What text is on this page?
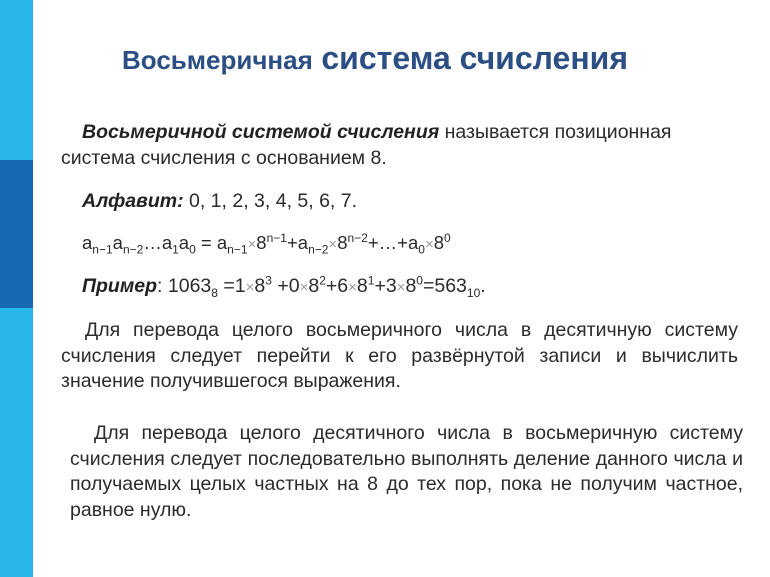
Восьмеричная система счисления
Восьмеричной системой счисления называется позиционная
система счисления с основанием 8.
Алфавит: 0, 1, 2, 3, 4, 5, 6, 7.
$a_{n-1}a_{n-2}\dots a_1a_0$ = $a_{n-1}\times 8^{n-1}+a_{n-2}\times 8^{n-2}+\dots+a_0\times 8^0$
Пример: $1063_8 =1\times 8^3 +0\times 8^2+6\times 8^1+3\times 8^0=563_{10}$.
Для перевода целого восьмеричного числа в десятичную систему счисления следует перейти к его развёрнутой записи и вычислить значение получившегося выражения.
Для перевода целого десятичного числа в восьмеричную систему счисления следует последовательно выполнять деление данного числа и получаемых целых частных на 8 до тех пор, пока не получим частное, равное нулю.
